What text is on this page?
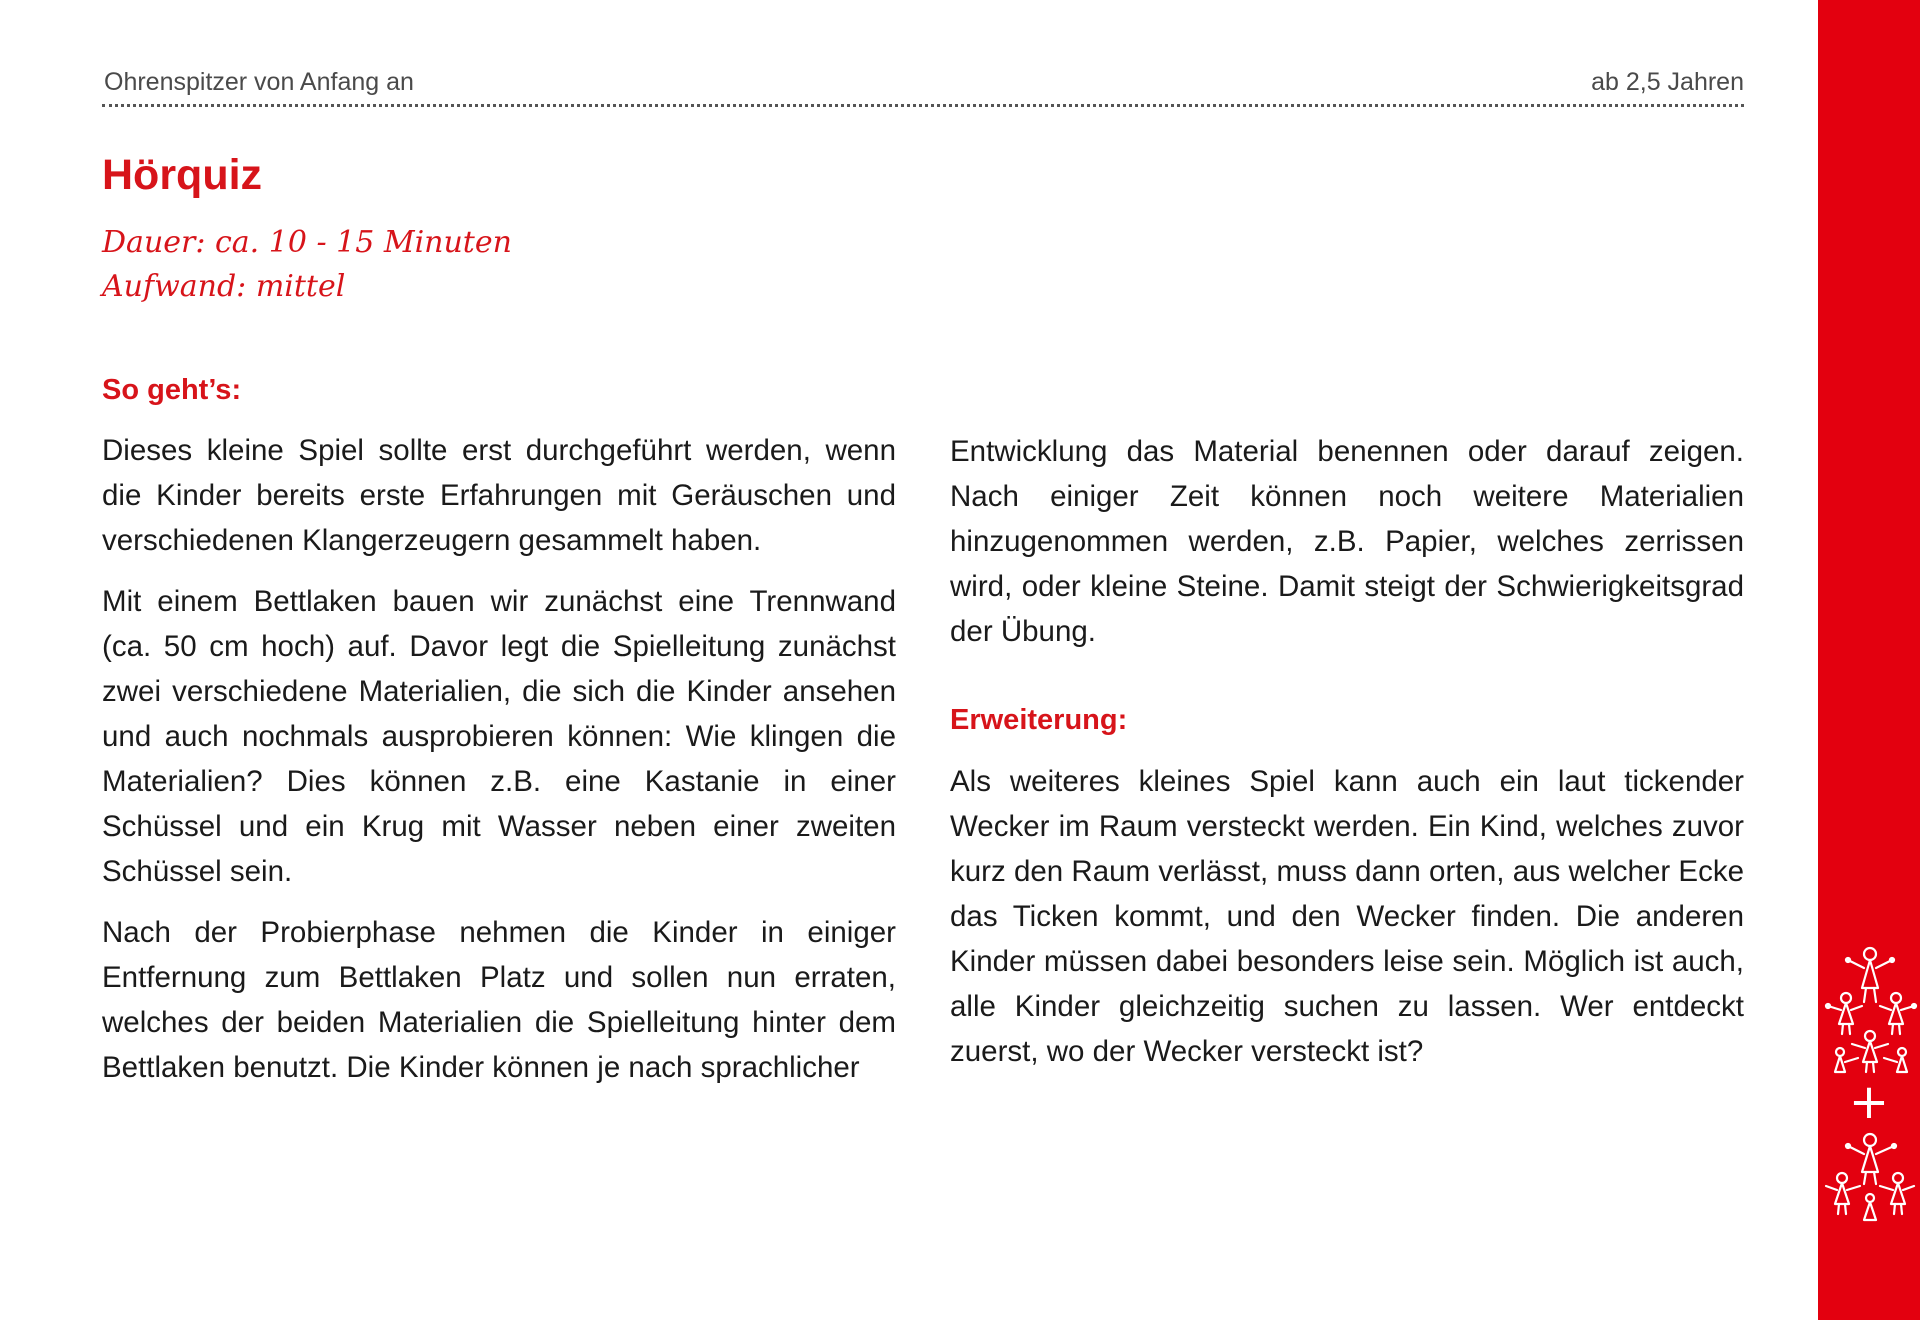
Ohrenspitzer von Anfang an	ab 2,5 Jahren
Hörquiz
Dauer: ca. 10 - 15 Minuten
Aufwand: mittel
So geht’s:

Dieses kleine Spiel sollte erst durchgeführt werden, wenn die Kinder bereits erste Erfahrungen mit Geräuschen und verschiedenen Klangerzeugern gesammelt haben.

Mit einem Bettlaken bauen wir zunächst eine Trennwand (ca. 50 cm hoch) auf. Davor legt die Spielleitung zunächst zwei verschiedene Materialien, die sich die Kinder ansehen und auch nochmals ausprobieren können: Wie klingen die Materialien? Dies können z.B. eine Kastanie in einer Schüssel und ein Krug mit Wasser neben einer zweiten Schüssel sein.

Nach der Probierphase nehmen die Kinder in einiger Entfernung zum Bettlaken Platz und sollen nun erraten, welches der beiden Materialien die Spielleitung hinter dem Bettlaken benutzt. Die Kinder können je nach sprachlicher

Entwicklung das Material benennen oder darauf zeigen. Nach einiger Zeit können noch weitere Materialien hinzugenommen werden, z.B. Papier, welches zerrissen wird, oder kleine Steine. Damit steigt der Schwierigkeitsgrad der Übung.

Erweiterung:

Als weiteres kleines Spiel kann auch ein laut tickender Wecker im Raum versteckt werden. Ein Kind, welches zuvor kurz den Raum verlässt, muss dann orten, aus welcher Ecke das Ticken kommt, und den Wecker finden. Die anderen Kinder müssen dabei besonders leise sein. Möglich ist auch, alle Kinder gleichzeitig suchen zu lassen. Wer entdeckt zuerst, wo der Wecker versteckt ist?

+
